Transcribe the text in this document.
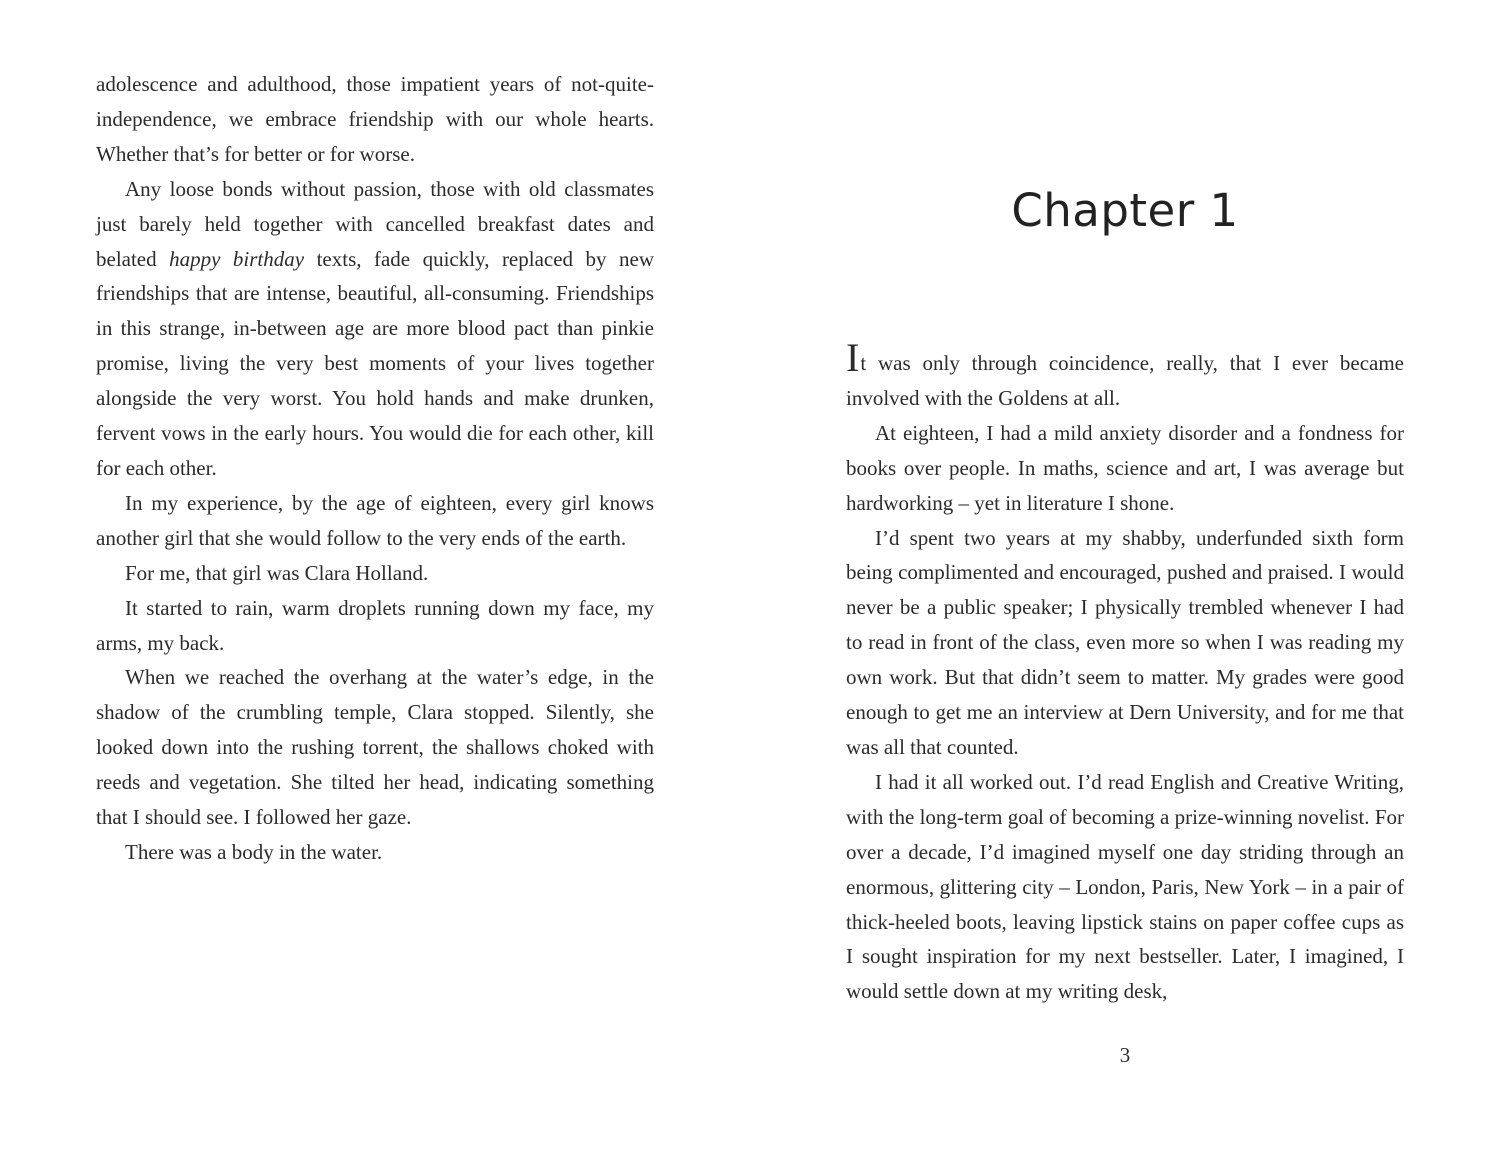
adolescence and adulthood, those impatient years of not-quite-independence, we embrace friendship with our whole hearts. Whether that’s for better or for worse.

Any loose bonds without passion, those with old classmates just barely held together with cancelled breakfast dates and belated happy birthday texts, fade quickly, replaced by new friendships that are intense, beautiful, all-consuming. Friendships in this strange, in-between age are more blood pact than pinkie promise, living the very best moments of your lives together alongside the very worst. You hold hands and make drunken, fervent vows in the early hours. You would die for each other, kill for each other.

In my experience, by the age of eighteen, every girl knows another girl that she would follow to the very ends of the earth.

For me, that girl was Clara Holland.

It started to rain, warm droplets running down my face, my arms, my back.

When we reached the overhang at the water’s edge, in the shadow of the crumbling temple, Clara stopped. Silently, she looked down into the rushing torrent, the shallows choked with reeds and vegetation. She tilted her head, indicating something that I should see. I followed her gaze.

There was a body in the water.

Chapter 1

It was only through coincidence, really, that I ever became involved with the Goldens at all.

At eighteen, I had a mild anxiety disorder and a fondness for books over people. In maths, science and art, I was average but hardworking – yet in literature I shone.

I’d spent two years at my shabby, underfunded sixth form being complimented and encouraged, pushed and praised. I would never be a public speaker; I physically trembled whenever I had to read in front of the class, even more so when I was reading my own work. But that didn’t seem to matter. My grades were good enough to get me an interview at Dern University, and for me that was all that counted.

I had it all worked out. I’d read English and Creative Writing, with the long-term goal of becoming a prize-winning novelist. For over a decade, I’d imagined myself one day striding through an enormous, glittering city – London, Paris, New York – in a pair of thick-heeled boots, leaving lipstick stains on paper coffee cups as I sought inspiration for my next bestseller. Later, I imagined, I would settle down at my writing desk,

3
